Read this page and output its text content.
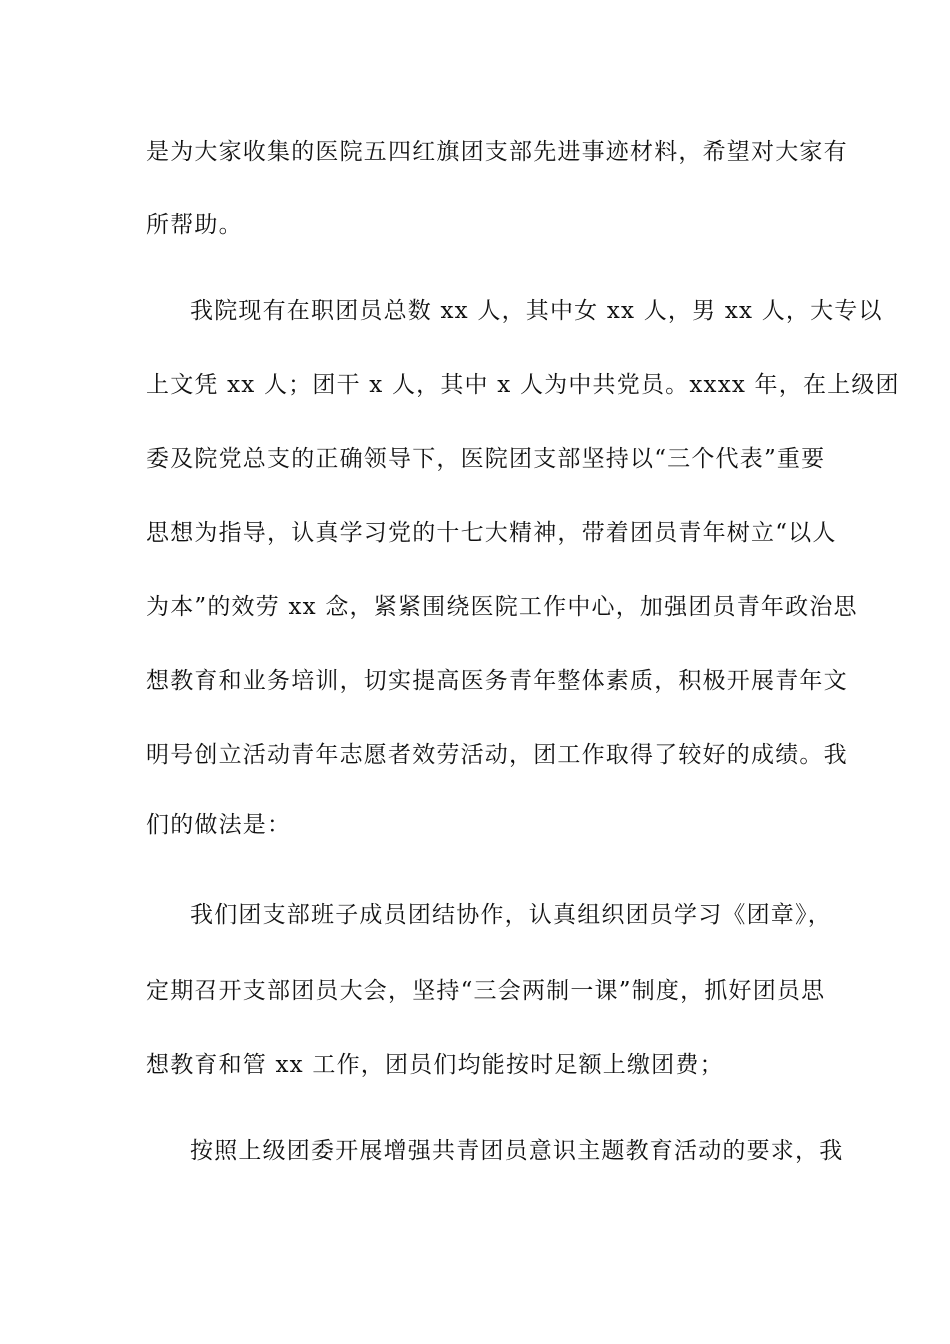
是为大家收集的医院五四红旗团支部先进事迹材料，希望对大家有
所帮助。
我院现有在职团员总数 xx 人，其中女 xx 人，男 xx 人，大专以
上文凭 xx 人；团干 x 人，其中 x 人为中共党员。xxxx 年，在上级团
委及院党总支的正确领导下，医院团支部坚持以“三个代表”重要
思想为指导，认真学习党的十七大精神，带着团员青年树立“以人
为本”的效劳 xx 念，紧紧围绕医院工作中心，加强团员青年政治思
想教育和业务培训，切实提高医务青年整体素质，积极开展青年文
明号创立活动青年志愿者效劳活动，团工作取得了较好的成绩。我
们的做法是：
我们团支部班子成员团结协作，认真组织团员学习《团章》，
定期召开支部团员大会，坚持“三会两制一课”制度，抓好团员思
想教育和管 xx 工作，团员们均能按时足额上缴团费；
按照上级团委开展增强共青团员意识主题教育活动的要求，我
